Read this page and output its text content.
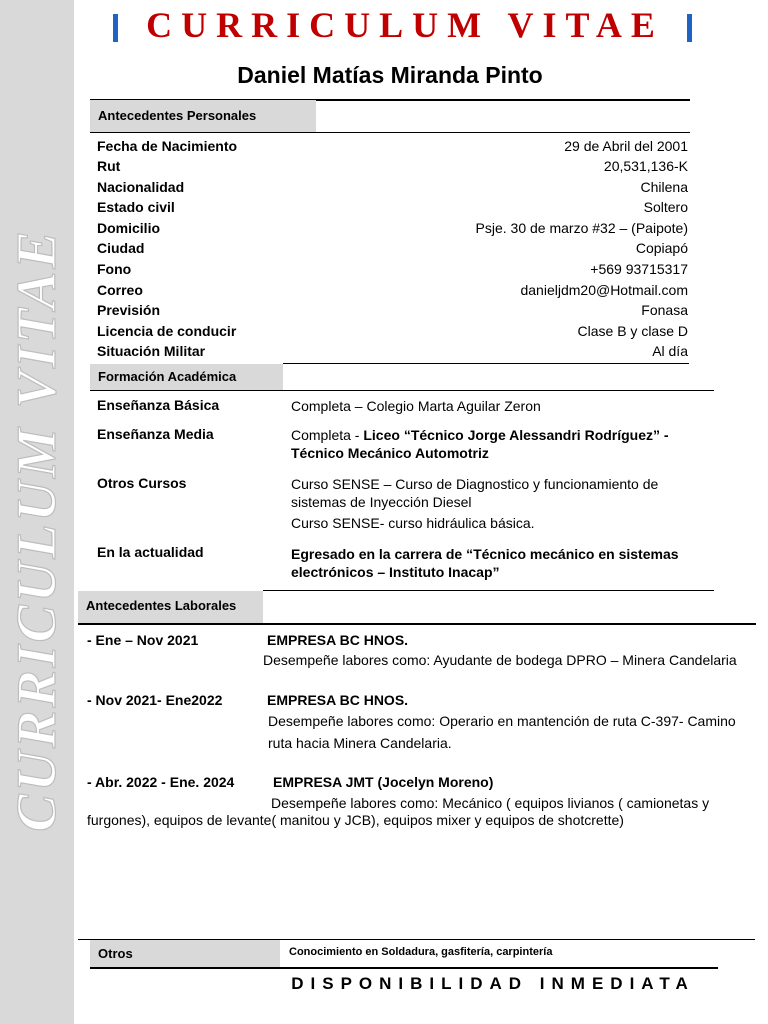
CURRICULUM VITAE
CURRICULUM VITAE
Daniel Matías Miranda Pinto
Antecedentes Personales
Fecha de Nacimiento	29 de Abril del 2001
Rut	20,531,136-K
Nacionalidad	Chilena
Estado civil	Soltero
Domicilio	Psje. 30 de marzo #32 – (Paipote)
Ciudad	Copiapó
Fono	+569 93715317
Correo	danieljdm20@Hotmail.com
Previsión	Fonasa
Licencia de conducir	Clase B y clase D
Situación Militar	Al día
Formación Académica
Enseñanza Básica	Completa – Colegio Marta Aguilar Zeron
Enseñanza Media	Completa - Liceo “Técnico Jorge Alessandri Rodríguez” -
Técnico Mecánico Automotriz
Otros Cursos	Curso SENSE – Curso de Diagnostico y funcionamiento de
sistemas de Inyección Diesel
Curso SENSE- curso hidráulica básica.
En la actualidad	Egresado en la carrera de “Técnico mecánico en sistemas
electrónicos – Instituto Inacap”
Antecedentes Laborales
- Ene – Nov 2021	EMPRESA BC HNOS.
Desempeñe labores como: Ayudante de bodega DPRO – Minera Candelaria
- Nov 2021- Ene2022	EMPRESA BC HNOS.
Desempeñe labores como: Operario en mantención de ruta C-397- Camino
ruta hacia Minera Candelaria.
- Abr. 2022 - Ene. 2024	EMPRESA JMT (Jocelyn Moreno)
Desempeñe labores como: Mecánico ( equipos livianos ( camionetas y
furgones), equipos de levante( manitou y JCB), equipos mixer y equipos de shotcrette)
Otros	Conocimiento en Soldadura, gasfitería, carpintería
DISPONIBILIDAD INMEDIATA
